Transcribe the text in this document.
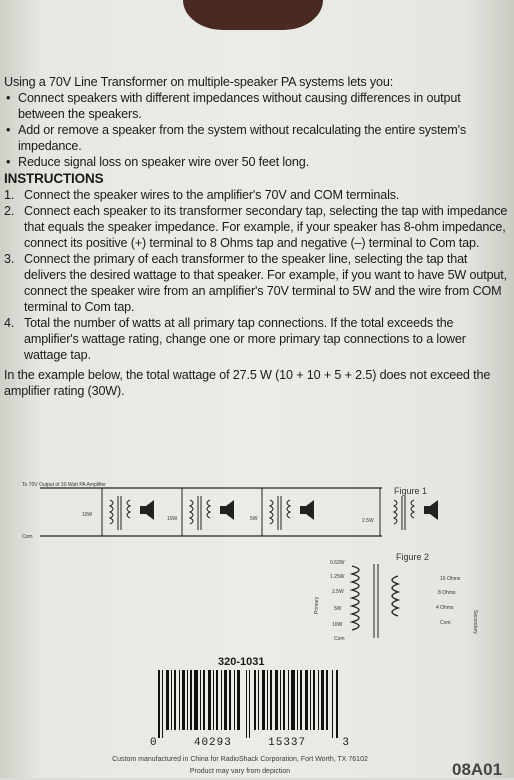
Using a 70V Line Transformer on multiple-speaker PA systems lets you:

• Connect speakers with different impedances without causing differences in output between the speakers.
• Add or remove a speaker from the system without recalculating the entire system's impedance.
• Reduce signal loss on speaker wire over 50 feet long.

INSTRUCTIONS

1. Connect the speaker wires to the amplifier's 70V and COM terminals.
2. Connect each speaker to its transformer secondary tap, selecting the tap with impedance that equals the speaker impedance. For example, if your speaker has 8-ohm impedance, connect its positive (+) terminal to 8 Ohms tap and negative (–) terminal to Com tap.
3. Connect the primary of each transformer to the speaker line, selecting the tap that delivers the desired wattage to that speaker. For example, if you want to have 5W output, connect the speaker wire from an amplifier's 70V terminal to 5W and the wire from COM terminal to Com tap.
4. Total the number of watts at all primary tap connections. If the total exceeds the amplifier's wattage rating, change one or more primary tap connections to a lower wattage tap.

In the example below, the total wattage of 27.5 W (10 + 10 + 5 + 2.5) does not exceed the amplifier rating (30W).

Figure 1
To 70V Output of 30 Watt PA Amplifier
Com
10W
10W	5W	2.5W
Figure 2
0.62W
1.25W
2.5W
5W
10W
Com
Primary
16 Ohms
8 Ohms
4 Ohms
Com	Secondary
320-1031
0	40293	15337	3
Custom manufactured in China for RadioShack Corporation, Fort Worth, TX 76102
Product may vary from depiction	08A01
